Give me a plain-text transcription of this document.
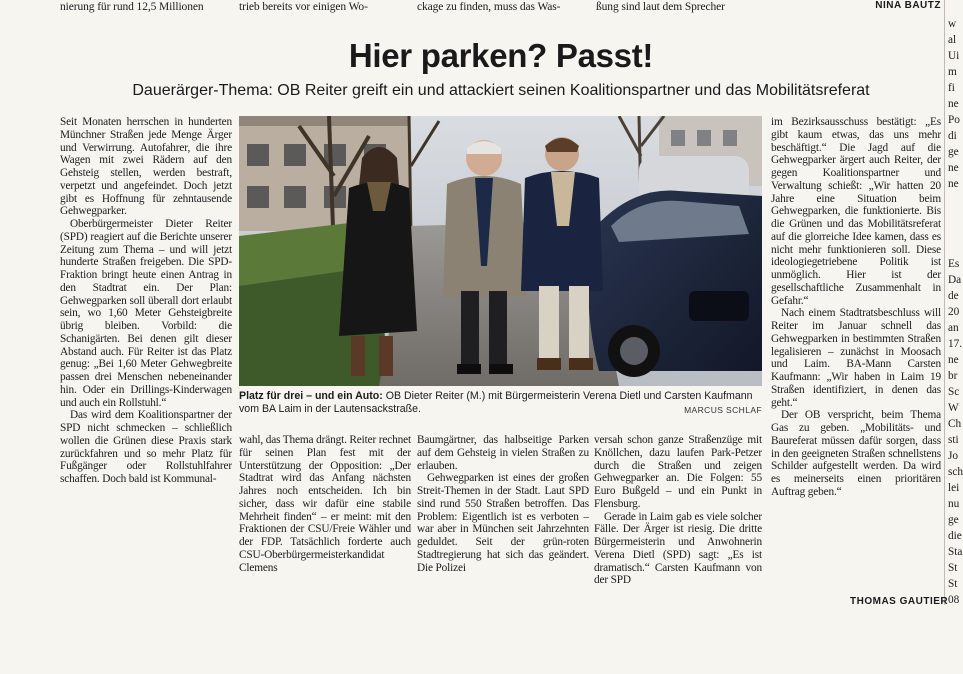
nierung für rund 12,5 Millionen	trieb bereits vor einigen Wo-	ckage zu finden, muss das Was-	ßung sind laut dem Sprecher	NINA BAUTZ
Hier parken? Passt!
Dauerärger-Thema: OB Reiter greift ein und attackiert seinen Koalitionspartner und das Mobilitätsreferat

Seit Monaten herrschen in hunderten Münchner Straßen jede Menge Ärger und Verwirrung. Autofahrer, die ihre Wagen mit zwei Rädern auf den Gehsteig stellen, werden bestraft, verpetzt und angefeindet. Doch jetzt gibt es Hoffnung für zehntausende Gehwegparker.

Oberbürgermeister Dieter Reiter (SPD) reagiert auf die Berichte unserer Zeitung zum Thema – und will jetzt hunderte Straßen freigeben. Die SPD-Fraktion bringt heute einen Antrag in den Stadtrat ein. Der Plan: Gehwegparken soll überall dort erlaubt sein, wo 1,60 Meter Gehsteigbreite übrig bleiben. Vorbild: die Schanigärten. Bei denen gilt dieser Abstand auch. Für Reiter ist das Platz genug: „Bei 1,60 Meter Gehwegbreite passen drei Menschen nebeneinander hin. Oder ein Drillings-Kinderwagen und auch ein Rollstuhl.“

Das wird dem Koalitionspartner der SPD nicht schmecken – schließlich wollen die Grünen diese Praxis stark zurückfahren und so mehr Platz für Fußgänger oder Rollstuhlfahrer schaffen. Doch bald ist Kommunal-

Platz für drei – und ein Auto: OB Dieter Reiter (M.) mit Bürgermeisterin Verena Dietl und Carsten Kaufmann vom BA Laim in der Lautensackstraße.	MARCUS SCHLAF

wahl, das Thema drängt. Reiter rechnet für seinen Plan fest mit der Unterstützung der Opposition: „Der Stadtrat wird das Anfang nächsten Jahres noch entscheiden. Ich bin sicher, dass wir dafür eine stabile Mehrheit finden“ – er meint: mit den Fraktionen der CSU/Freie Wähler und der FDP. Tatsächlich forderte auch CSU-Oberbürgermeisterkandidat Clemens

Baumgärtner, das halbseitige Parken auf dem Gehsteig in vielen Straßen zu erlauben.

Gehwegparken ist eines der großen Streit-Themen in der Stadt. Laut SPD sind rund 550 Straßen betroffen. Das Problem: Eigentlich ist es verboten – war aber in München seit Jahrzehnten geduldet. Seit der grün-roten Stadtregierung hat sich das geändert. Die Polizei

versah schon ganze Straßenzüge mit Knöllchen, dazu laufen Park-Petzer durch die Straßen und zeigen Gehwegparker an. Die Folgen: 55 Euro Bußgeld – und ein Punkt in Flensburg.

Gerade in Laim gab es viele solcher Fälle. Der Ärger ist riesig. Die dritte Bürgermeisterin und Anwohnerin Verena Dietl (SPD) sagt: „Es ist dramatisch.“ Carsten Kaufmann von der SPD

im Bezirksausschuss bestätigt: „Es gibt kaum etwas, das uns mehr beschäftigt.“ Die Jagd auf die Gehwegparker ärgert auch Reiter, der gegen Koalitionspartner und Verwaltung schießt: „Wir hatten 20 Jahre eine Situation beim Gehwegparken, die funktionierte. Bis die Grünen und das Mobilitätsreferat auf die glorreiche Idee kamen, dass es nicht mehr funktionieren soll. Diese ideologiegetriebene Politik ist unmöglich. Hier ist der gesellschaftliche Zusammenhalt in Gefahr.“

Nach einem Stadtratsbeschluss will Reiter im Januar schnell das Gehwegparken in bestimmten Straßen legalisieren – zunächst in Moosach und Laim. BA-Mann Carsten Kaufmann: „Wir haben in Laim 19 Straßen identifiziert, in denen das geht.“

Der OB verspricht, beim Thema Gas zu geben. „Mobilitäts- und Baureferat müssen dafür sorgen, dass in den geeigneten Straßen schnellstens Schilder aufgestellt werden. Da wird es meinerseits einen prioritären Auftrag geben.“

THOMAS GAUTIER
w
al
Ui
m
fi
ne
Po
di
ge
ne
ne
Es
Da
de
20
an
17.
ne
br
Sc
W
Ch
sti
Jo
sch
lei
nu
ge
die
Sta
St
St
08
